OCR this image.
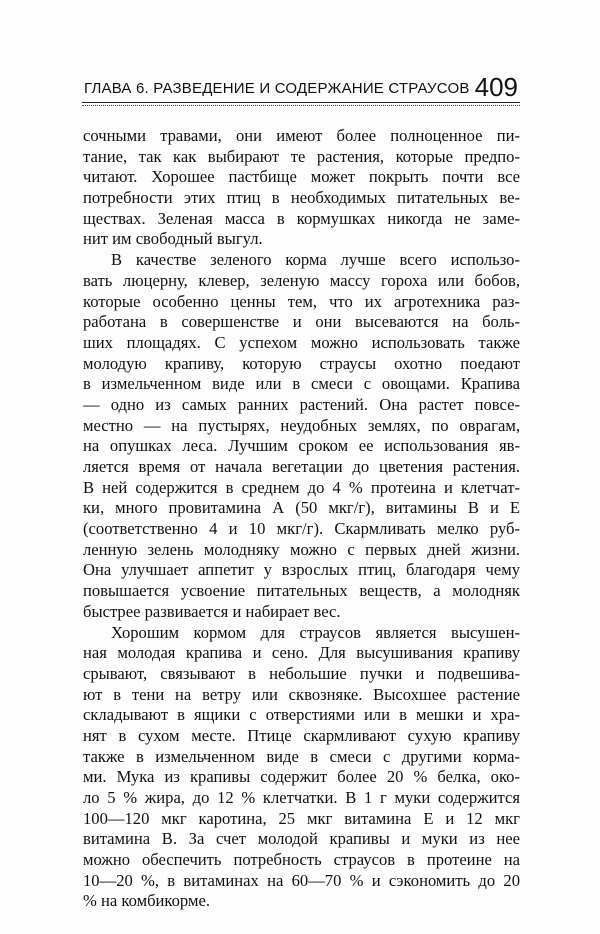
ГЛАВА 6. РАЗВЕДЕНИЕ И СОДЕРЖАНИЕ СТРАУСОВ 409
сочными травами, они имеют более полноценное пи-
тание, так как выбирают те растения, которые предпо-
читают. Хорошее пастбище может покрыть почти все
потребности этих птиц в необходимых питательных ве-
ществах. Зеленая масса в кормушках никогда не заме-
нит им свободный выгул.
В качестве зеленого корма лучше всего использо-
вать люцерну, клевер, зеленую массу гороха или бобов,
которые особенно ценны тем, что их агротехника раз-
работана в совершенстве и они высеваются на боль-
ших площадях. С успехом можно использовать также
молодую крапиву, которую страусы охотно поедают
в измельченном виде или в смеси с овощами. Крапива
— одно из самых ранних растений. Она растет повсе-
местно — на пустырях, неудобных землях, по оврагам,
на опушках леса. Лучшим сроком ее использования яв-
ляется время от начала вегетации до цветения растения.
В ней содержится в среднем до 4 % протеина и клетчат-
ки, много провитамина А (50 мкг/г), витамины В и Е
(соответственно 4 и 10 мкг/г). Скармливать мелко руб-
ленную зелень молодняку можно с первых дней жизни.
Она улучшает аппетит у взрослых птиц, благодаря чему
повышается усвоение питательных веществ, а молодняк
быстрее развивается и набирает вес.
Хорошим кормом для страусов является высушен-
ная молодая крапива и сено. Для высушивания крапиву
срывают, связывают в небольшие пучки и подвешива-
ют в тени на ветру или сквозняке. Высохшее растение
складывают в ящики с отверстиями или в мешки и хра-
нят в сухом месте. Птице скармливают сухую крапиву
также в измельченном виде в смеси с другими корма-
ми. Мука из крапивы содержит более 20 % белка, око-
ло 5 % жира, до 12 % клетчатки. В 1 г муки содержится
100—120 мкг каротина, 25 мкг витамина Е и 12 мкг
витамина В. За счет молодой крапивы и муки из нее
можно обеспечить потребность страусов в протеине на
10—20 %, в витаминах на 60—70 % и сэкономить до 20
% на комбикорме.
